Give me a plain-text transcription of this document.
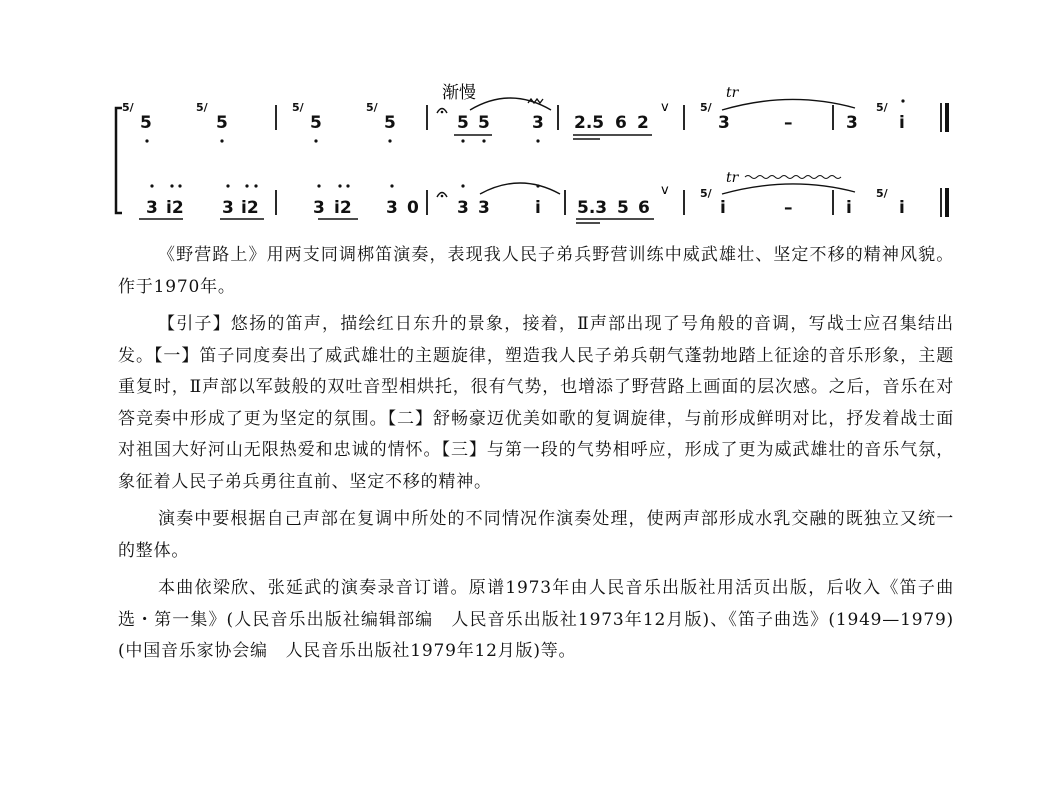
渐慢	tr
tr
v
v
5/	5/	5/	5/	5/	5/
5/	5/
5	5	5	5	5 5 3 2.5 6 2	3	–	3 i
3 i2 3 i2	3 i2 3 0 3 3	i 5.3 5 6	i	–	i	i

《野营路上》用两支同调梆笛演奏，表现我人民子弟兵野营训练中威武雄壮、坚定不移的精神风貌。作于1970年。

【引子】悠扬的笛声，描绘红日东升的景象，接着，Ⅱ声部出现了号角般的音调，写战士应召集结出发。【一】笛子同度奏出了威武雄壮的主题旋律，塑造我人民子弟兵朝气蓬勃地踏上征途的音乐形象，主题重复时，Ⅱ声部以军鼓般的双吐音型相烘托，很有气势，也增添了野营路上画面的层次感。之后，音乐在对答竞奏中形成了更为坚定的氛围。【二】舒畅豪迈优美如歌的复调旋律，与前形成鲜明对比，抒发着战士面对祖国大好河山无限热爱和忠诚的情怀。【三】与第一段的气势相呼应，形成了更为威武雄壮的音乐气氛，象征着人民子弟兵勇往直前、坚定不移的精神。

演奏中要根据自己声部在复调中所处的不同情况作演奏处理，使两声部形成水乳交融的既独立又统一的整体。

本曲依梁欣、张延武的演奏录音订谱。原谱1973年由人民音乐出版社用活页出版，后收入《笛子曲选・第一集》(人民音乐出版社编辑部编　人民音乐出版社1973年12月版)、《笛子曲选》(1949—1979)(中国音乐家协会编　人民音乐出版社1979年12月版)等。
